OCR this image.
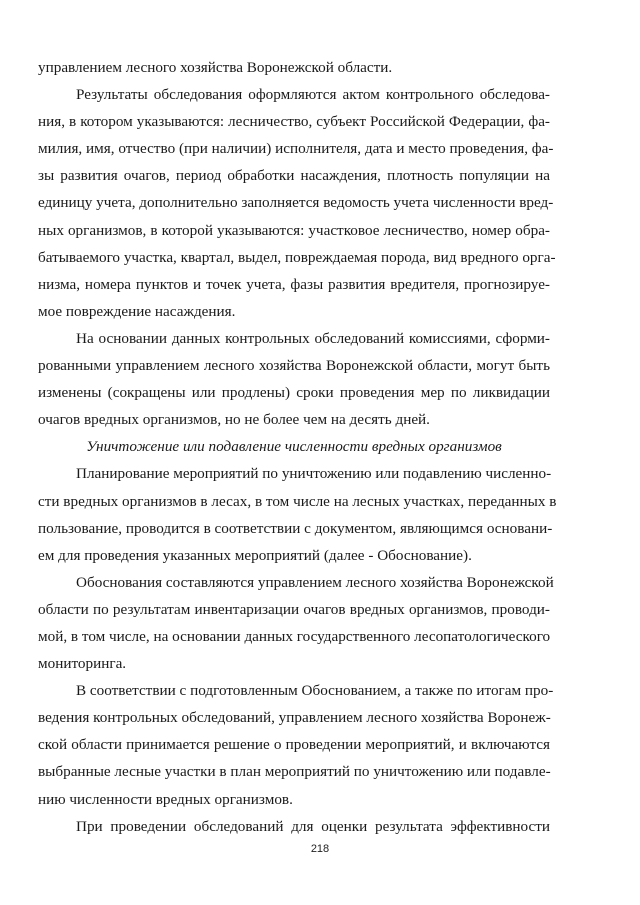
управлением лесного хозяйства Воронежской области.

Результаты обследования оформляются актом контрольного обследова-

ния, в котором указываются: лесничество, субъект Российской Федерации, фа-

милия, имя, отчество (при наличии) исполнителя, дата и место проведения, фа-

зы развития очагов, период обработки насаждения, плотность популяции на

единицу учета, дополнительно заполняется ведомость учета численности вред-

ных организмов, в которой указываются: участковое лесничество, номер обра-

батываемого участка, квартал, выдел, повреждаемая порода, вид вредного орга-

низма, номера пунктов и точек учета, фазы развития вредителя, прогнозируе-

мое повреждение насаждения.

На основании данных контрольных обследований комиссиями, сформи-

рованными управлением лесного хозяйства Воронежской области, могут быть

изменены (сокращены или продлены) сроки проведения мер по ликвидации

очагов вредных организмов, но не более чем на десять дней.

Уничтожение или подавление численности вредных организмов

Планирование мероприятий по уничтожению или подавлению численно-

сти вредных организмов в лесах, в том числе на лесных участках, переданных в

пользование, проводится в соответствии с документом, являющимся основани-

ем для проведения указанных мероприятий (далее - Обоснование).

Обоснования составляются управлением лесного хозяйства Воронежской

области по результатам инвентаризации очагов вредных организмов, проводи-

мой, в том числе, на основании данных государственного лесопатологического

мониторинга.

В соответствии с подготовленным Обоснованием, а также по итогам про-

ведения контрольных обследований, управлением лесного хозяйства Воронеж-

ской области принимается решение о проведении мероприятий, и включаются

выбранные лесные участки в план мероприятий по уничтожению или подавле-

нию численности вредных организмов.

При проведении обследований для оценки результата эффективности

218
